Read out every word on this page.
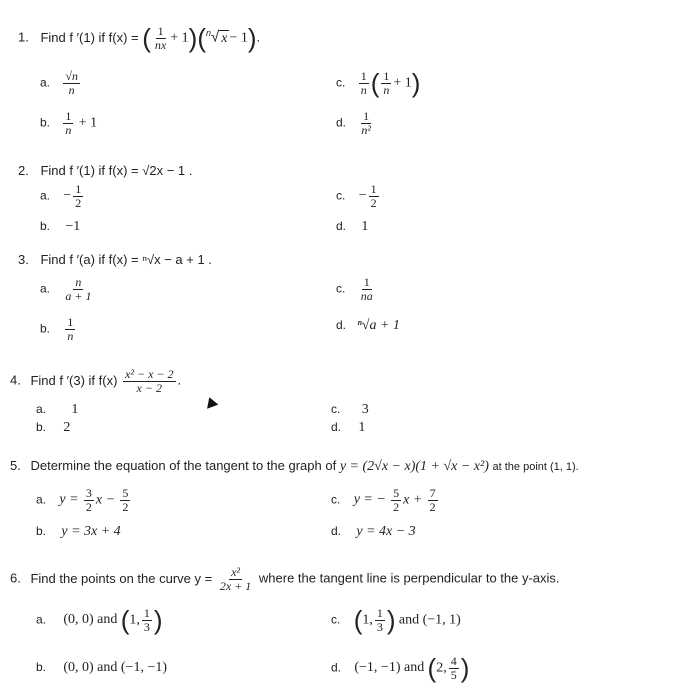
1. Find f ′(1) if f(x) = ( $\frac{1}{nx} + 1)(^n√$ x − 1).
a. $\frac{√n}{n}$
b. $\frac{1}{n} + 1$
c. $\frac{1}{n}$ ( $\frac{1}{n} + 1$)
d. $\frac{1}{\text{n²}}$
2. Find f ′(1) if f(x) = √2x − 1 .
a. − $\frac{1}{2}$
b. −1
c. − $\frac{1}{2}$
d. 1
3. Find f ′(a) if f(x) = ⁿ√x − a + 1 .
a. $\frac{n}{a + 1}$
b. $\frac{1}{n}$
c. $\frac{1}{na}$
d. ⁿ√a + 1
4. Find f ′(3) if $f(x) \frac{\text{x² − x − 2}}{x - 2}$ .
a. 1
b. 2
c. 3
d. 1
5. Determine the equation of the tangent to the graph of y = (2√x − x)(1 + √x − x²) at the point (1, 1).
a. $y = \frac{3}{2}$ $x - \frac{5}{2}$
b. y = 3x + 4
c. y = − $\frac{5}{2}$ $x + \frac{7}{2}$
d. y = 4x − 3
6. Find the points on the curve $y = \frac{\text{x²}}{2x + 1}$ where the tangent line is perpendicular to the y-axis.
a. (0, 0) and (1, $\frac{1}{3}$ )
b. (0, 0) and (−1, −1)
c. (1, $\frac{1}{3}$ ) and (−1, 1)
d. (−1, −1) and (2, $\frac{4}{5}$ )
